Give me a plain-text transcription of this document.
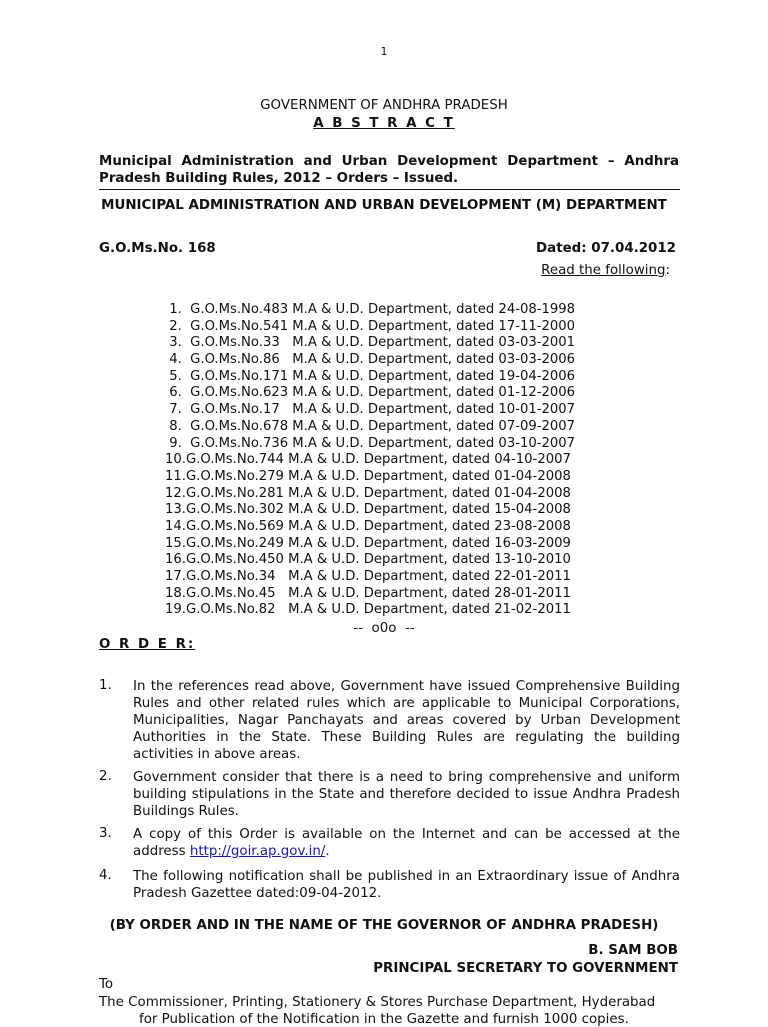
1
GOVERNMENT OF ANDHRA PRADESH
A B S T R A C T
Municipal Administration and Urban Development Department – Andhra Pradesh Building Rules, 2012 – Orders – Issued.
MUNICIPAL ADMINISTRATION AND URBAN DEVELOPMENT (M) DEPARTMENT
G.O.Ms.No. 168	Dated: 07.04.2012
Read the following:
1.  G.O.Ms.No.483 M.A & U.D. Department, dated 24-08-1998
2.  G.O.Ms.No.541 M.A & U.D. Department, dated 17-11-2000
3.  G.O.Ms.No.33   M.A & U.D. Department, dated 03-03-2001
4.  G.O.Ms.No.86   M.A & U.D. Department, dated 03-03-2006
5.  G.O.Ms.No.171 M.A & U.D. Department, dated 19-04-2006
6.  G.O.Ms.No.623 M.A & U.D. Department, dated 01-12-2006
7.  G.O.Ms.No.17   M.A & U.D. Department, dated 10-01-2007
8.  G.O.Ms.No.678 M.A & U.D. Department, dated 07-09-2007
9.  G.O.Ms.No.736 M.A & U.D. Department, dated 03-10-2007
10.G.O.Ms.No.744 M.A & U.D. Department, dated 04-10-2007
11.G.O.Ms.No.279 M.A & U.D. Department, dated 01-04-2008
12.G.O.Ms.No.281 M.A & U.D. Department, dated 01-04-2008
13.G.O.Ms.No.302 M.A & U.D. Department, dated 15-04-2008
14.G.O.Ms.No.569 M.A & U.D. Department, dated 23-08-2008
15.G.O.Ms.No.249 M.A & U.D. Department, dated 16-03-2009
16.G.O.Ms.No.450 M.A & U.D. Department, dated 13-10-2010
17.G.O.Ms.No.34   M.A & U.D. Department, dated 22-01-2011
18.G.O.Ms.No.45   M.A & U.D. Department, dated 28-01-2011
19.G.O.Ms.No.82   M.A & U.D. Department, dated 21-02-2011
--  o0o  --
O R D E R:
1. In the references read above, Government have issued Comprehensive Building Rules and other related rules which are applicable to Municipal Corporations, Municipalities, Nagar Panchayats and areas covered by Urban Development Authorities in the State. These Building Rules are regulating the building activities in above areas.
2. Government consider that there is a need to bring comprehensive and uniform building stipulations in the State and therefore decided to issue Andhra Pradesh Buildings Rules.
3. A copy of this Order is available on the Internet and can be accessed at the address http://goir.ap.gov.in/.
4. The following notification shall be published in an Extraordinary issue of Andhra Pradesh Gazettee dated:09-04-2012.
(BY ORDER AND IN THE NAME OF THE GOVERNOR OF ANDHRA PRADESH)
B. SAM BOB
PRINCIPAL SECRETARY TO GOVERNMENT
To
The Commissioner, Printing, Stationery & Stores Purchase Department, Hyderabad
for Publication of the Notification in the Gazette and furnish 1000 copies.
